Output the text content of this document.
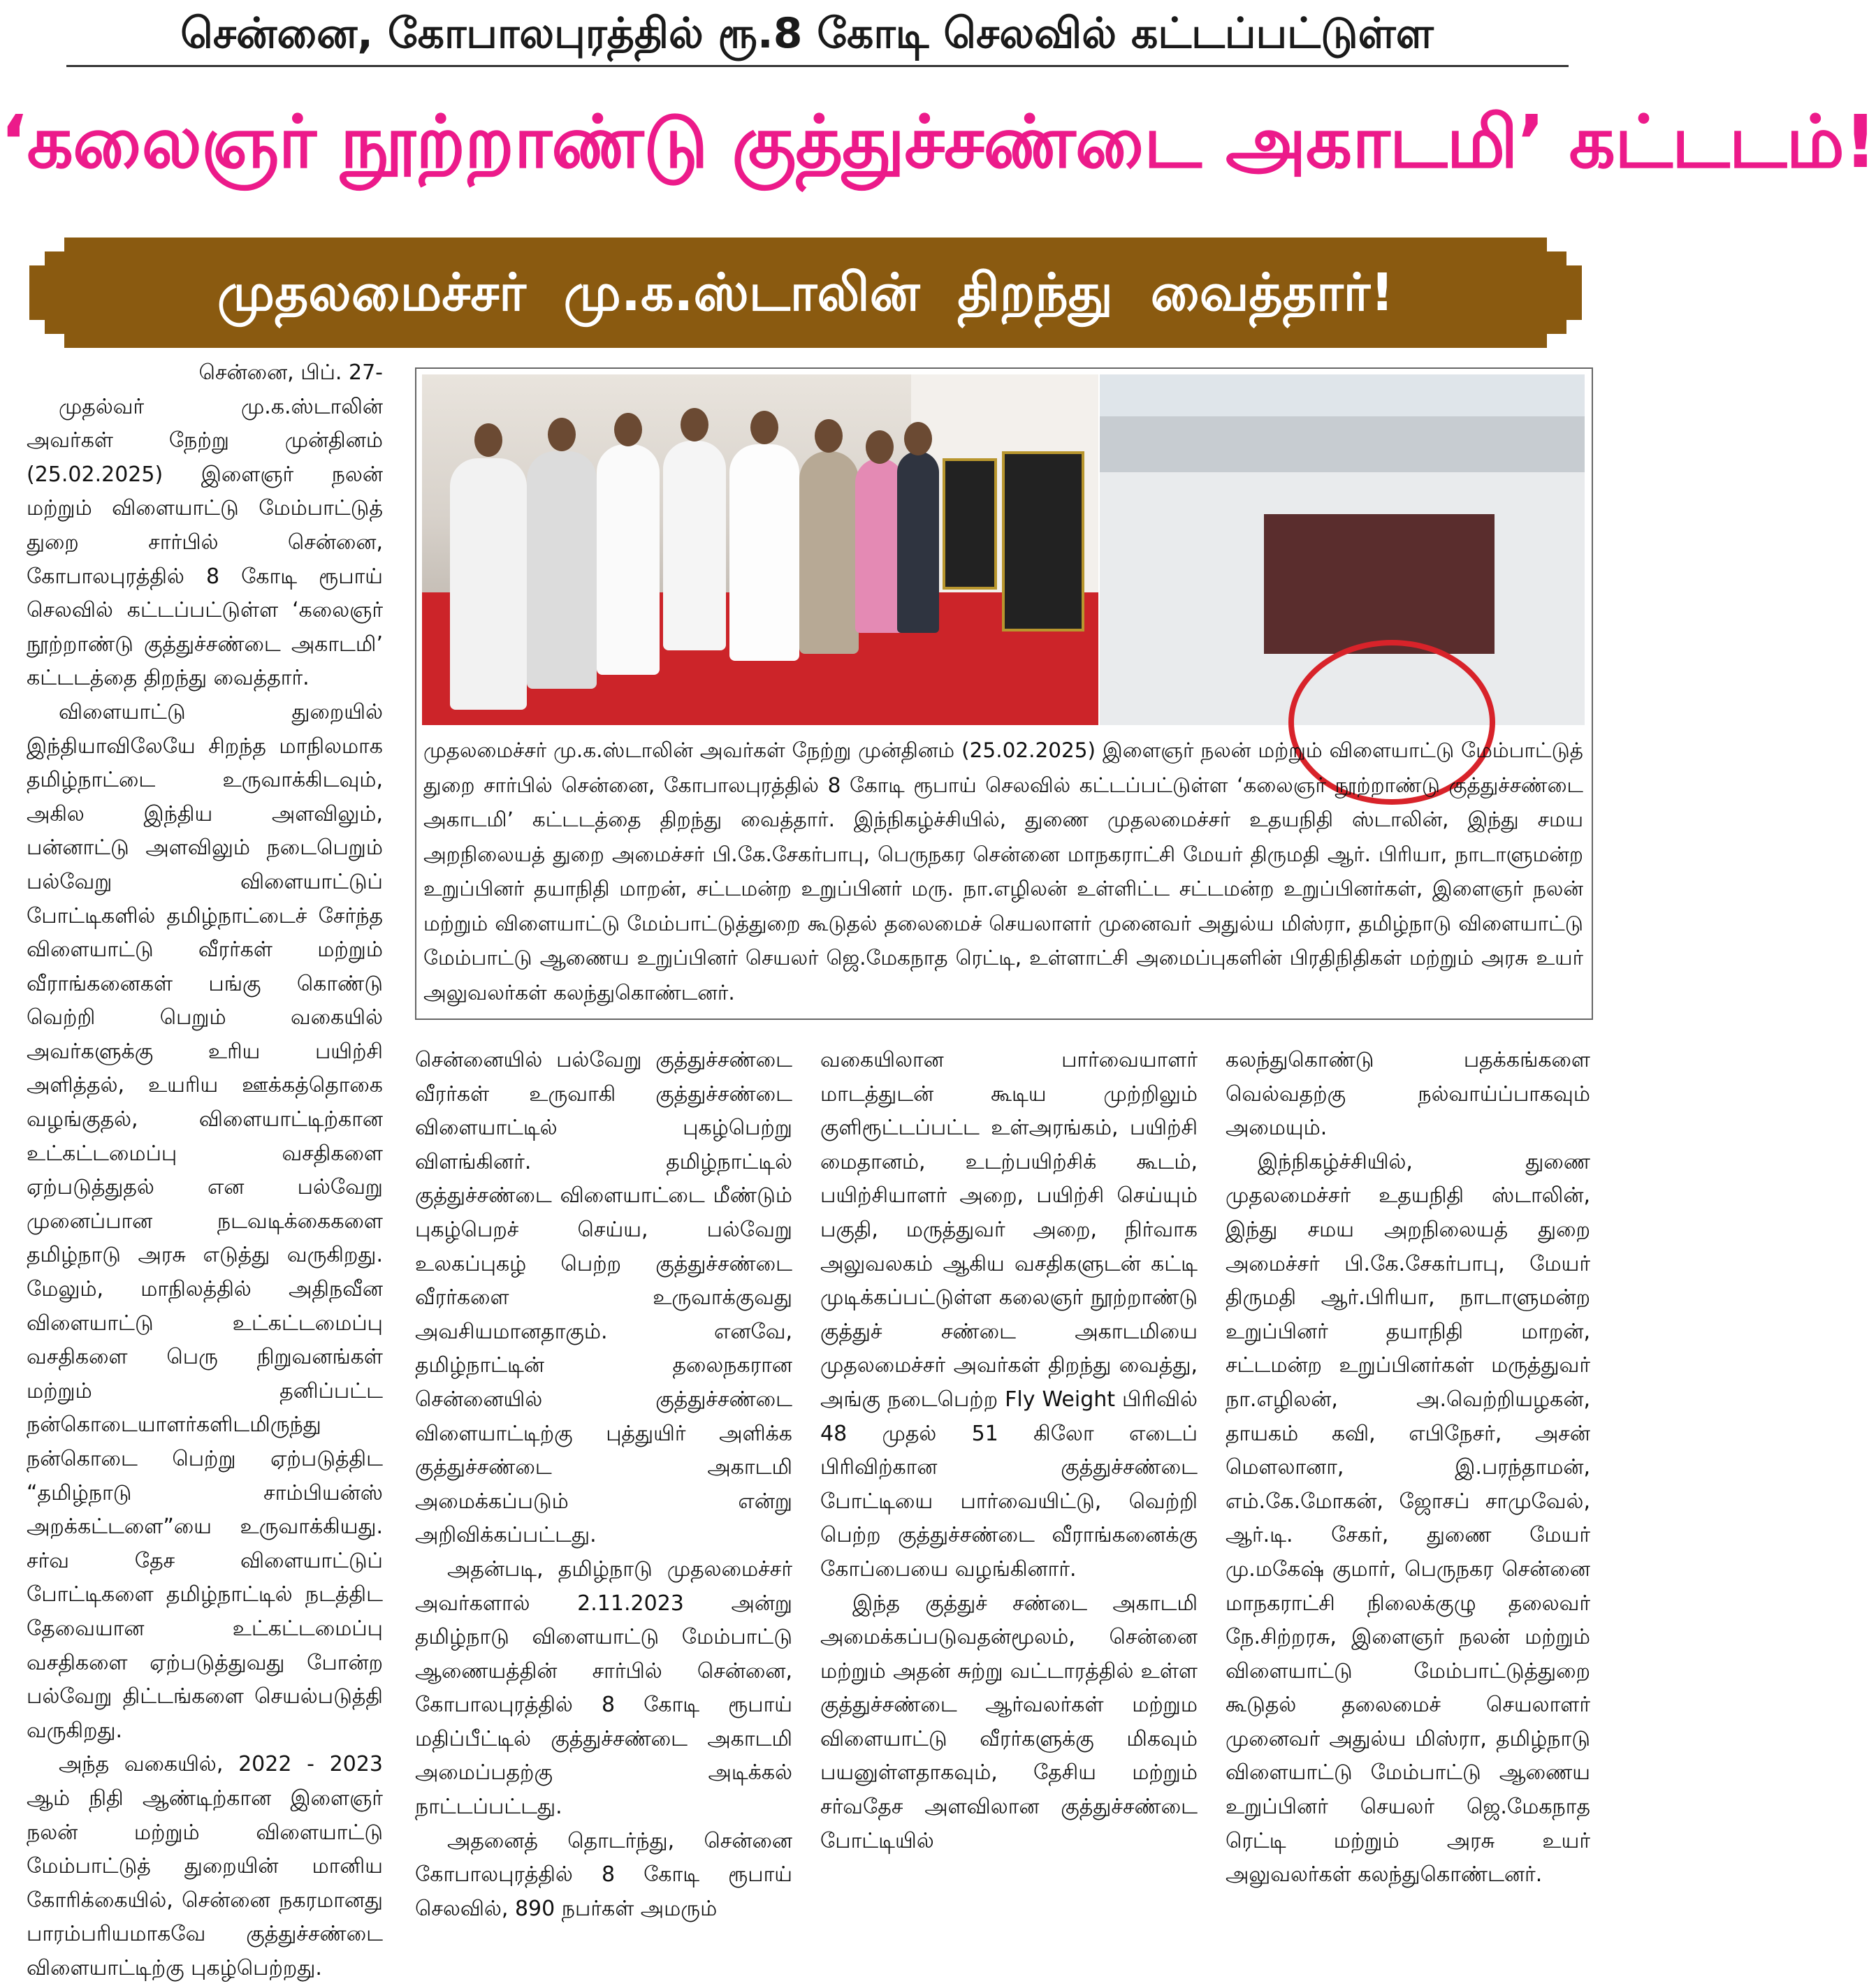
சென்னை, கோபாலபுரத்தில் ரூ.8 கோடி செலவில் கட்டப்பட்டுள்ள
‘கலைஞர் நூற்றாண்டு குத்துச்சண்டை அகாடமி’ கட்டடம்!
முதலமைச்சர் மு.க.ஸ்டாலின் திறந்து வைத்தார்!

சென்னை, பிப். 27-

முதல்வர் மு.க.ஸ்டாலின் அவர்கள் நேற்று முன்தினம் (25.02.2025) இளைஞர் நலன் மற்றும் விளையாட்டு மேம்பாட்டுத் துறை சார்பில் சென்னை, கோபாலபுரத்தில் 8 கோடி ரூபாய் செலவில் கட்டப்பட்டுள்ள ‘கலைஞர் நூற்றாண்டு குத்துச்சண்டை அகாடமி’ கட்டடத்தை திறந்து வைத்தார்.

விளையாட்டு துறையில் இந்தியாவிலேயே சிறந்த மாநிலமாக தமிழ்நாட்டை உருவாக்கிடவும், அகில இந்திய அளவிலும், பன்னாட்டு அளவிலும் நடைபெறும் பல்வேறு விளையாட்டுப் போட்டிகளில் தமிழ்நாட்டைச் சேர்ந்த விளையாட்டு வீரர்கள் மற்றும் வீராங்கனைகள் பங்கு கொண்டு வெற்றி பெறும் வகையில் அவர்களுக்கு உரிய பயிற்சி அளித்தல், உயரிய ஊக்கத்தொகை வழங்குதல், விளையாட்டிற்கான உட்கட்டமைப்பு வசதிகளை ஏற்படுத்துதல் என பல்வேறு முனைப்பான நடவடிக்கைகளை தமிழ்நாடு அரசு எடுத்து வருகிறது. மேலும், மாநிலத்தில் அதிநவீன விளையாட்டு உட்கட்டமைப்பு வசதிகளை பெரு நிறுவனங்கள் மற்றும் தனிப்பட்ட நன்கொடையாளர்களிடமிருந்து நன்கொடை பெற்று ஏற்படுத்திட “தமிழ்நாடு சாம்பியன்ஸ் அறக்கட்டளை”யை உருவாக்கியது. சர்வ தேச விளையாட்டுப் போட்டிகளை தமிழ்நாட்டில் நடத்திட தேவையான உட்கட்டமைப்பு வசதிகளை ஏற்படுத்துவது போன்ற பல்வேறு திட்டங்களை செயல்படுத்தி வருகிறது.

அந்த வகையில், 2022 - 2023 ஆம் நிதி ஆண்டிற்கான இளைஞர் நலன் மற்றும் விளையாட்டு மேம்பாட்டுத் துறையின் மானிய கோரிக்கையில், சென்னை நகரமானது பாரம்பரியமாகவே குத்துச்சண்டை விளையாட்டிற்கு புகழ்பெற்றது.

முதலமைச்சர் மு.க.ஸ்டாலின் அவர்கள் நேற்று முன்தினம் (25.02.2025) இளைஞர் நலன் மற்றும் விளையாட்டு மேம்பாட்டுத் துறை சார்பில் சென்னை, கோபாலபுரத்தில் 8 கோடி ரூபாய் செலவில் கட்டப்பட்டுள்ள ‘கலைஞர் நூற்றாண்டு குத்துச்சண்டை அகாடமி’ கட்டடத்தை திறந்து வைத்தார். இந்நிகழ்ச்சியில், துணை முதலமைச்சர் உதயநிதி ஸ்டாலின், இந்து சமய அறநிலையத் துறை அமைச்சர் பி.கே.சேகர்பாபு, பெருநகர சென்னை மாநகராட்சி மேயர் திருமதி ஆர். பிரியா, நாடாளுமன்ற உறுப்பினர் தயாநிதி மாறன், சட்டமன்ற உறுப்பினர் மரு. நா.எழிலன் உள்ளிட்ட சட்டமன்ற உறுப்பினர்கள், இளைஞர் நலன் மற்றும் விளையாட்டு மேம்பாட்டுத்துறை கூடுதல் தலைமைச் செயலாளர் முனைவர் அதுல்ய மிஸ்ரா, தமிழ்நாடு விளையாட்டு மேம்பாட்டு ஆணைய உறுப்பினர் செயலர் ஜெ.மேகநாத ரெட்டி, உள்ளாட்சி அமைப்புகளின் பிரதிநிதிகள் மற்றும் அரசு உயர் அலுவலர்கள் கலந்துகொண்டனர்.

சென்னையில் பல்வேறு குத்துச்சண்டை வீரர்கள் உருவாகி குத்துச்சண்டை விளையாட்டில் புகழ்பெற்று விளங்கினர். தமிழ்நாட்டில் குத்துச்சண்டை விளையாட்டை மீண்டும் புகழ்பெறச் செய்ய, பல்வேறு உலகப்புகழ் பெற்ற குத்துச்சண்டை வீரர்களை உருவாக்குவது அவசியமானதாகும். எனவே, தமிழ்நாட்டின் தலைநகரான சென்னையில் குத்துச்சண்டை விளையாட்டிற்கு புத்துயிர் அளிக்க குத்துச்சண்டை அகாடமி அமைக்கப்படும் என்று அறிவிக்கப்பட்டது.

அதன்படி, தமிழ்நாடு முதலமைச்சர் அவர்களால் 2.11.2023 அன்று தமிழ்நாடு விளையாட்டு மேம்பாட்டு ஆணையத்தின் சார்பில் சென்னை, கோபாலபுரத்தில் 8 கோடி ரூபாய் மதிப்பீட்டில் குத்துச்சண்டை அகாடமி அமைப்பதற்கு அடிக்கல் நாட்டப்பட்டது.

அதனைத் தொடர்ந்து, சென்னை கோபாலபுரத்தில் 8 கோடி ரூபாய் செலவில், 890 நபர்கள் அமரும்

வகையிலான பார்வையாளர் மாடத்துடன் கூடிய முற்றிலும் குளிரூட்டப்பட்ட உள்அரங்கம், பயிற்சி மைதானம், உடற்பயிற்சிக் கூடம், பயிற்சியாளர் அறை, பயிற்சி செய்யும் பகுதி, மருத்துவர் அறை, நிர்வாக அலுவலகம் ஆகிய வசதிகளுடன் கட்டி முடிக்கப்பட்டுள்ள கலைஞர் நூற்றாண்டு குத்துச் சண்டை அகாடமியை முதலமைச்சர் அவர்கள் திறந்து வைத்து, அங்கு நடைபெற்ற Fly Weight பிரிவில் 48 முதல் 51 கிலோ எடைப் பிரிவிற்கான குத்துச்சண்டை போட்டியை பார்வையிட்டு, வெற்றி பெற்ற குத்துச்சண்டை வீராங்கனைக்கு கோப்பையை வழங்கினார்.

இந்த குத்துச் சண்டை அகாடமி அமைக்கப்படுவதன்மூலம், சென்னை மற்றும் அதன் சுற்று வட்டாரத்தில் உள்ள குத்துச்சண்டை ஆர்வலர்கள் மற்றும விளையாட்டு வீரர்களுக்கு மிகவும் பயனுள்ளதாகவும், தேசிய மற்றும் சர்வதேச அளவிலான குத்துச்சண்டை போட்டியில்

கலந்துகொண்டு பதக்கங்களை வெல்வதற்கு நல்வாய்ப்பாகவும் அமையும்.

இந்நிகழ்ச்சியில், துணை முதலமைச்சர் உதயநிதி ஸ்டாலின், இந்து சமய அறநிலையத் துறை அமைச்சர் பி.கே.சேகர்பாபு, மேயர் திருமதி ஆர்.பிரியா, நாடாளுமன்ற உறுப்பினர் தயாநிதி மாறன், சட்டமன்ற உறுப்பினர்கள் மருத்துவர் நா.எழிலன், அ.வெற்றியழகன், தாயகம் கவி, எபிநேசர், அசன் மௌலானா, இ.பரந்தாமன், எம்.கே.மோகன், ஜோசப் சாமுவேல், ஆர்.டி. சேகர், துணை மேயர் மு.மகேஷ் குமார், பெருநகர சென்னை மாநகராட்சி நிலைக்குழு தலைவர் நே.சிற்றரசு, இளைஞர் நலன் மற்றும் விளையாட்டு மேம்பாட்டுத்துறை கூடுதல் தலைமைச் செயலாளர் முனைவர் அதுல்ய மிஸ்ரா, தமிழ்நாடு விளையாட்டு மேம்பாட்டு ஆணைய உறுப்பினர் செயலர் ஜெ.மேகநாத ரெட்டி மற்றும் அரசு உயர் அலுவலர்கள் கலந்துகொண்டனர்.
